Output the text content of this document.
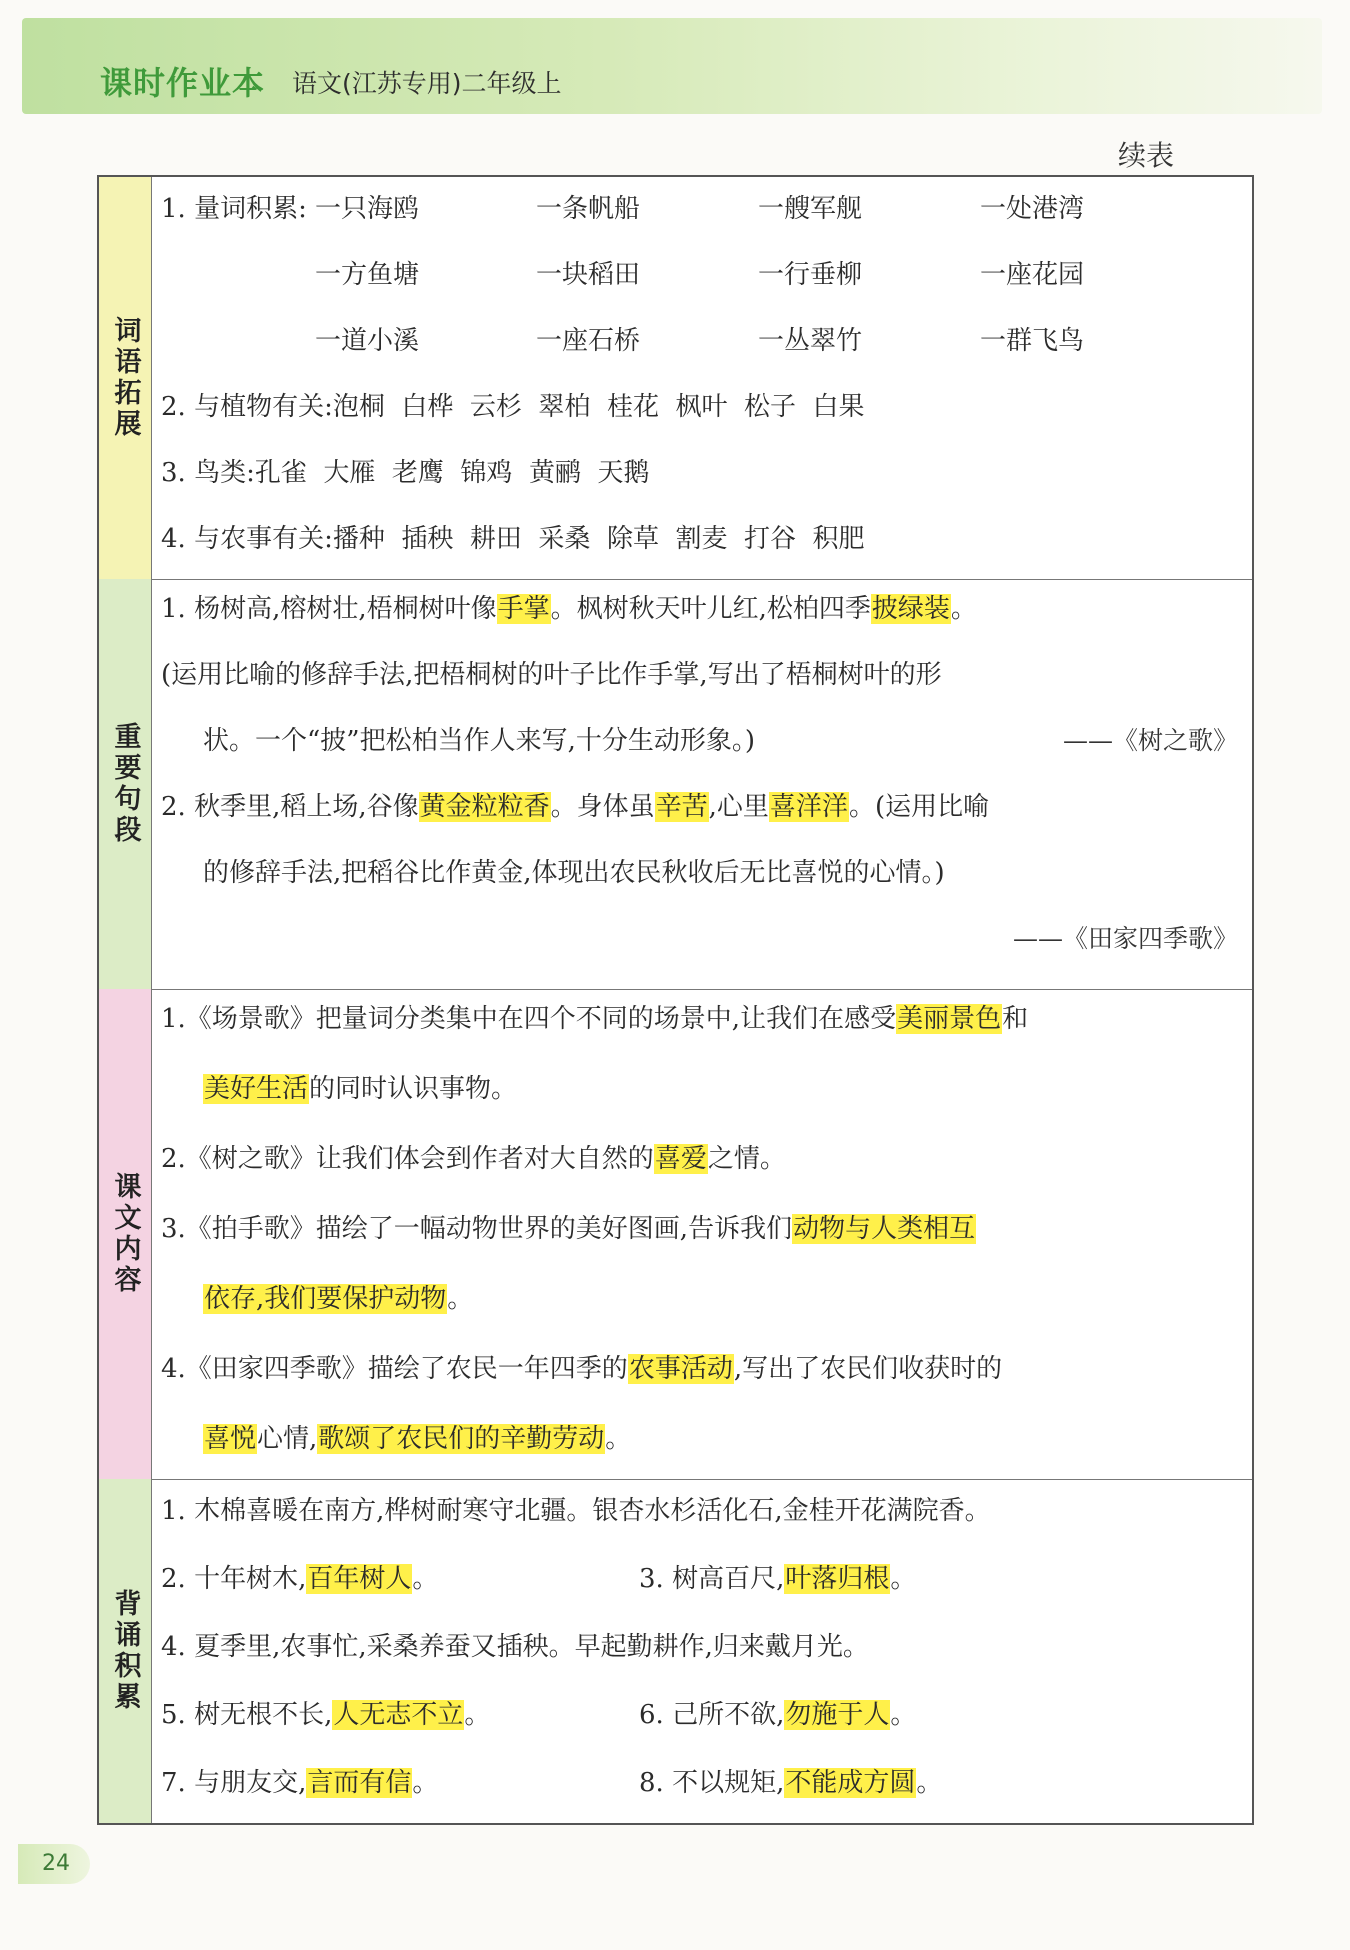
课时作业本 语文(江苏专用)二年级上
续表
词语拓展
1. 量词积累: 一只海鸥	一条帆船	一艘军舰	一处港湾
一方鱼塘	一块稻田	一行垂柳	一座花园
一道小溪	一座石桥	一丛翠竹	一群飞鸟
2. 与植物有关:泡桐  白桦  云杉  翠柏  桂花  枫叶  松子  白果
3. 鸟类:孔雀  大雁  老鹰  锦鸡  黄鹂  天鹅
4. 与农事有关:播种  插秧  耕田  采桑  除草  割麦  打谷  积肥
重要句段
1. 杨树高,榕树壮,梧桐树叶像手掌。枫树秋天叶儿红,松柏四季披绿装。
(运用比喻的修辞手法,把梧桐树的叶子比作手掌,写出了梧桐树叶的形
状。一个“披”把松柏当作人来写,十分生动形象。)	——《树之歌》
2. 秋季里,稻上场,谷像黄金粒粒香。身体虽辛苦,心里喜洋洋。(运用比喻
的修辞手法,把稻谷比作黄金,体现出农民秋收后无比喜悦的心情。)
——《田家四季歌》
课文内容
1.《场景歌》把量词分类集中在四个不同的场景中,让我们在感受美丽景色和
美好生活的同时认识事物。
2.《树之歌》让我们体会到作者对大自然的喜爱之情。
3.《拍手歌》描绘了一幅动物世界的美好图画,告诉我们动物与人类相互
依存,我们要保护动物。
4.《田家四季歌》描绘了农民一年四季的农事活动,写出了农民们收获时的
喜悦心情,歌颂了农民们的辛勤劳动。
背诵积累
1. 木棉喜暖在南方,桦树耐寒守北疆。银杏水杉活化石,金桂开花满院香。
2. 十年树木,百年树人。	3. 树高百尺,叶落归根。
4. 夏季里,农事忙,采桑养蚕又插秧。早起勤耕作,归来戴月光。
5. 树无根不长,人无志不立。	6. 己所不欲,勿施于人。
7. 与朋友交,言而有信。	8. 不以规矩,不能成方圆。
24
